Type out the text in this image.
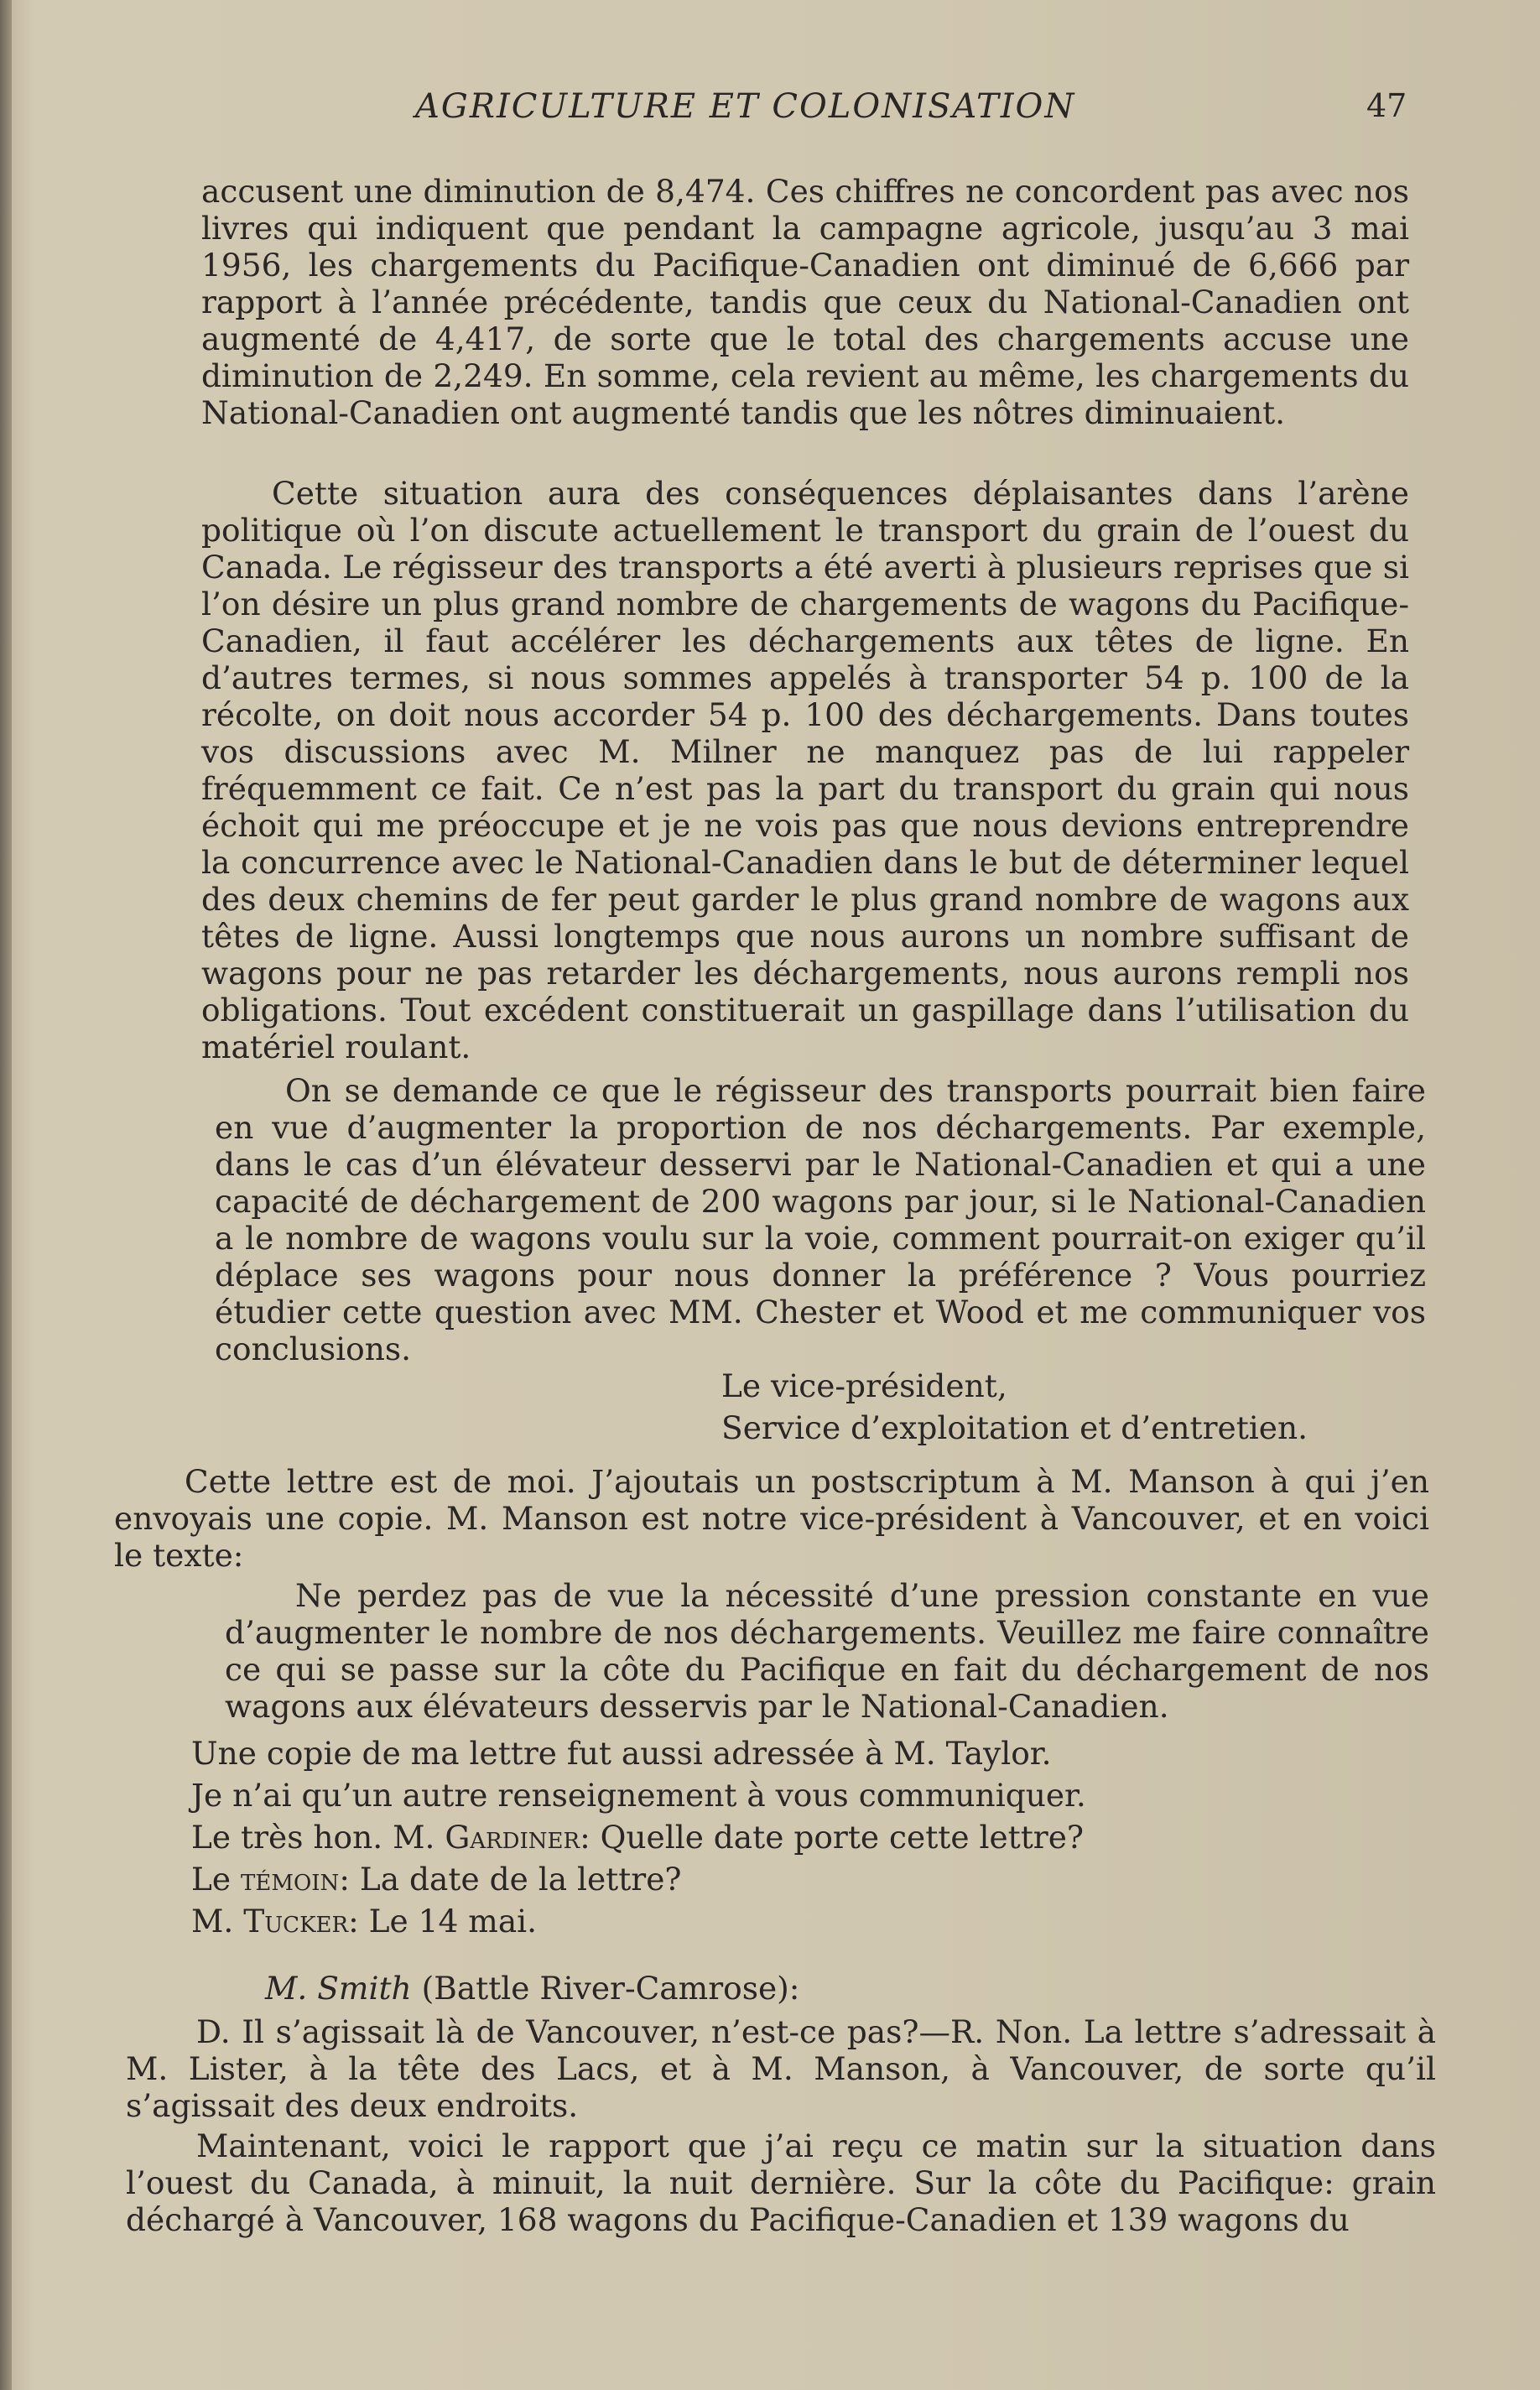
AGRICULTURE ET COLONISATION	47

accusent une diminution de 8,474. Ces chiffres ne concordent pas avec nos livres qui indiquent que pendant la campagne agricole, jusqu’au 3 mai 1956, les chargements du Pacifique-Canadien ont diminué de 6,666 par rapport à l’année précédente, tandis que ceux du National-Canadien ont augmenté de 4,417, de sorte que le total des chargements accuse une diminution de 2,249. En somme, cela revient au même, les chargements du National-Canadien ont augmenté tandis que les nôtres diminuaient.

Cette situation aura des conséquences déplaisantes dans l’arène politique où l’on discute actuellement le transport du grain de l’ouest du Canada. Le régisseur des transports a été averti à plusieurs reprises que si l’on désire un plus grand nombre de chargements de wagons du Pacifique-Canadien, il faut accélérer les déchargements aux têtes de ligne. En d’autres termes, si nous sommes appelés à transporter 54 p. 100 de la récolte, on doit nous accorder 54 p. 100 des déchargements. Dans toutes vos discussions avec M. Milner ne manquez pas de lui rappeler fréquemment ce fait. Ce n’est pas la part du transport du grain qui nous échoit qui me préoccupe et je ne vois pas que nous devions entreprendre la concurrence avec le National-Canadien dans le but de déterminer lequel des deux chemins de fer peut garder le plus grand nombre de wagons aux têtes de ligne. Aussi longtemps que nous aurons un nombre suffisant de wagons pour ne pas retarder les déchargements, nous aurons rempli nos obligations. Tout excédent constituerait un gaspillage dans l’utilisation du matériel roulant.

On se demande ce que le régisseur des transports pourrait bien faire en vue d’augmenter la proportion de nos déchargements. Par exemple, dans le cas d’un élévateur desservi par le National-Canadien et qui a une capacité de déchargement de 200 wagons par jour, si le National-Canadien a le nombre de wagons voulu sur la voie, comment pourrait-on exiger qu’il déplace ses wagons pour nous donner la préférence ? Vous pourriez étudier cette question avec MM. Chester et Wood et me communiquer vos conclusions.

Le vice-président,

Service d’exploitation et d’entretien.

Cette lettre est de moi. J’ajoutais un postscriptum à M. Manson à qui j’en envoyais une copie. M. Manson est notre vice-président à Vancouver, et en voici le texte:

Ne perdez pas de vue la nécessité d’une pression constante en vue d’augmenter le nombre de nos déchargements. Veuillez me faire connaître ce qui se passe sur la côte du Pacifique en fait du déchargement de nos wagons aux élévateurs desservis par le National-Canadien.

Une copie de ma lettre fut aussi adressée à M. Taylor.

Je n’ai qu’un autre renseignement à vous communiquer.

Le très hon. M. Gardiner: Quelle date porte cette lettre?

Le témoin: La date de la lettre?

M. Tucker: Le 14 mai.

M. Smith (Battle River-Camrose):

D. Il s’agissait là de Vancouver, n’est-ce pas?—R. Non. La lettre s’adressait à M. Lister, à la tête des Lacs, et à M. Manson, à Vancouver, de sorte qu’il s’agissait des deux endroits.

Maintenant, voici le rapport que j’ai reçu ce matin sur la situation dans l’ouest du Canada, à minuit, la nuit dernière. Sur la côte du Pacifique: grain déchargé à Vancouver, 168 wagons du Pacifique-Canadien et 139 wagons du
